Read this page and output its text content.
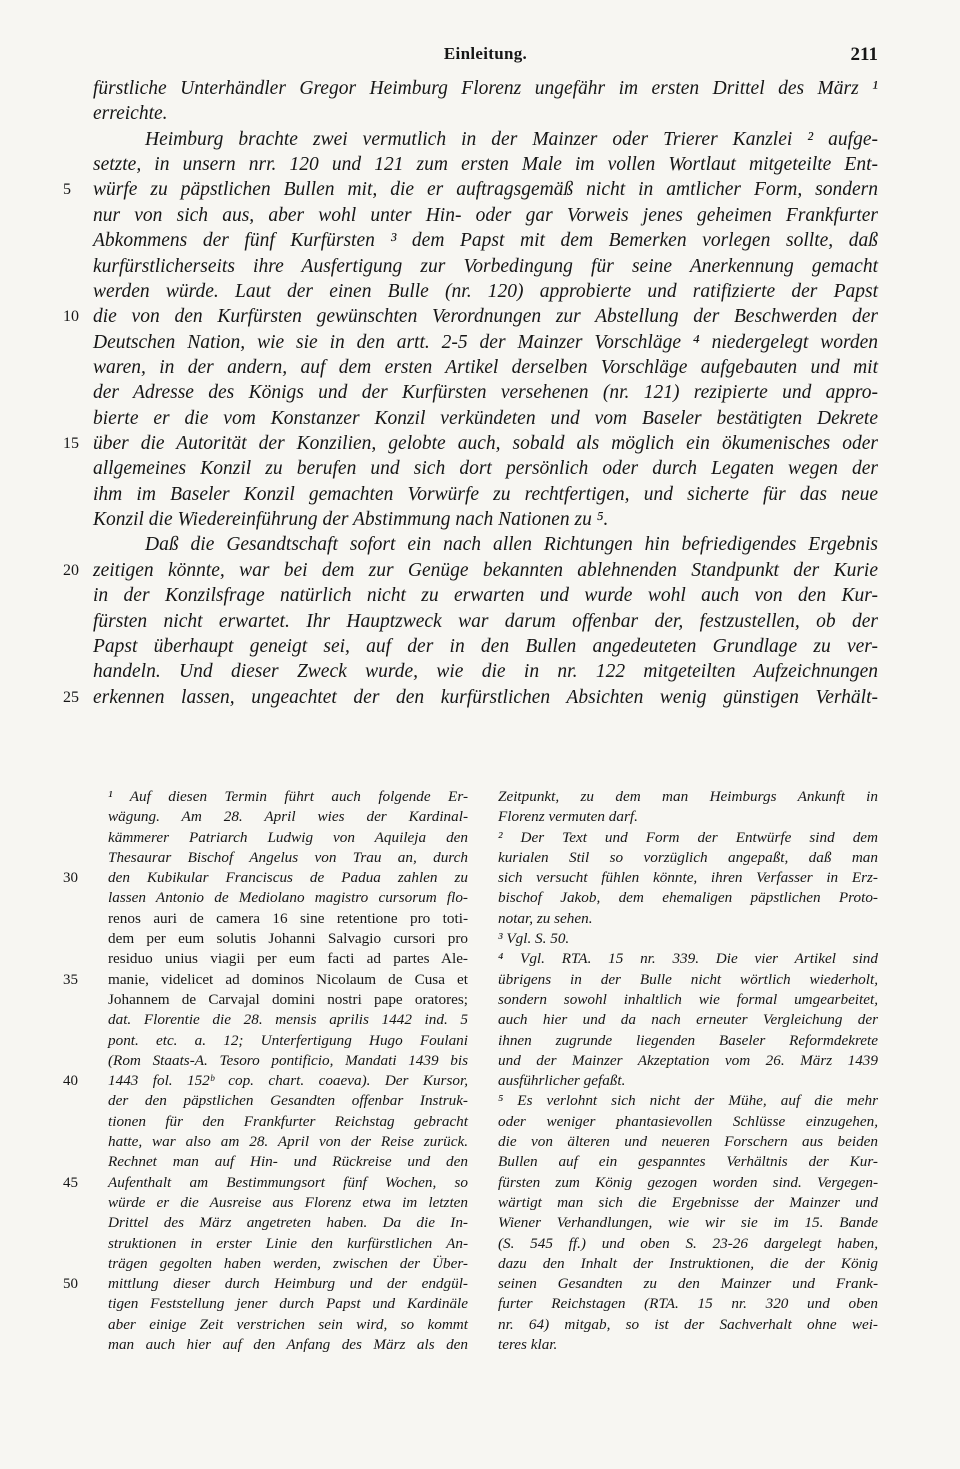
Einleitung.	211
fürstliche Unterhändler Gregor Heimburg Florenz ungefähr im ersten Drittel des März ¹
erreichte.
Heimburg brachte zwei vermutlich in der Mainzer oder Trierer Kanzlei ² aufge-
setzte, in unsern nrr. 120 und 121 zum ersten Male im vollen Wortlaut mitgeteilte Ent-
5	würfe zu päpstlichen Bullen mit, die er auftragsgemäß nicht in amtlicher Form, sondern
nur von sich aus, aber wohl unter Hin- oder gar Vorweis jenes geheimen Frankfurter
Abkommens der fünf Kurfürsten ³ dem Papst mit dem Bemerken vorlegen sollte, daß
kurfürstlicherseits ihre Ausfertigung zur Vorbedingung für seine Anerkennung gemacht
werden würde. Laut der einen Bulle (nr. 120) approbierte und ratifizierte der Papst
10 die von den Kurfürsten gewünschten Verordnungen zur Abstellung der Beschwerden der
Deutschen Nation, wie sie in den artt. 2-5 der Mainzer Vorschläge ⁴ niedergelegt worden
waren, in der andern, auf dem ersten Artikel derselben Vorschläge aufgebauten und mit
der Adresse des Königs und der Kurfürsten versehenen (nr. 121) rezipierte und appro-
bierte er die vom Konstanzer Konzil verkündeten und vom Baseler bestätigten Dekrete
15 über die Autorität der Konzilien, gelobte auch, sobald als möglich ein ökumenisches oder
allgemeines Konzil zu berufen und sich dort persönlich oder durch Legaten wegen der
ihm im Baseler Konzil gemachten Vorwürfe zu rechtfertigen, und sicherte für das neue
Konzil die Wiedereinführung der Abstimmung nach Nationen zu ⁵.
Daß die Gesandtschaft sofort ein nach allen Richtungen hin befriedigendes Ergebnis
20 zeitigen könnte, war bei dem zur Genüge bekannten ablehnenden Standpunkt der Kurie
in der Konzilsfrage natürlich nicht zu erwarten und wurde wohl auch von den Kur-
fürsten nicht erwartet. Ihr Hauptzweck war darum offenbar der, festzustellen, ob der
Papst überhaupt geneigt sei, auf der in den Bullen angedeuteten Grundlage zu ver-
handeln. Und dieser Zweck wurde, wie die in nr. 122 mitgeteilten Aufzeichnungen
25 erkennen lassen, ungeachtet der den kurfürstlichen Absichten wenig günstigen Verhält-
¹ Auf diesen Termin führt auch folgende Er-
wägung. Am 28. April wies der Kardinal-
kämmerer Patriarch Ludwig von Aquileja den
Thesaurar Bischof Angelus von Trau an, durch
30	den Kubikular Franciscus de Padua zahlen zu
lassen Antonio de Mediolano magistro cursorum flo-
renos auri de camera 16 sine retentione pro toti-
dem per eum solutis Johanni Salvagio cursori pro
residuo unius viagii per eum facti ad partes Ale-
35	manie, videlicet ad dominos Nicolaum de Cusa et
Johannem de Carvajal domini nostri pape oratores;
dat. Florentie die 28. mensis aprilis 1442 ind. 5
pont. etc. a. 12; Unterfertigung Hugo Foulani
(Rom Staats-A. Tesoro pontificio, Mandati 1439 bis
40	1443 fol. 152ᵇ cop. chart. coaeva). Der Kursor,
der den päpstlichen Gesandten offenbar Instruk-
tionen für den Frankfurter Reichstag gebracht
hatte, war also am 28. April von der Reise zurück.
Rechnet man auf Hin- und Rückreise und den
45	Aufenthalt am Bestimmungsort fünf Wochen, so
würde er die Ausreise aus Florenz etwa im letzten
Drittel des März angetreten haben. Da die In-
struktionen in erster Linie den kurfürstlichen An-
trägen gegolten haben werden, zwischen der Über-
50	mittlung dieser durch Heimburg und der endgül-
tigen Feststellung jener durch Papst und Kardinäle
aber einige Zeit verstrichen sein wird, so kommt
man auch hier auf den Anfang des März als den
Zeitpunkt, zu dem man Heimburgs Ankunft in
Florenz vermuten darf.
² Der Text und Form der Entwürfe sind dem
kurialen Stil so vorzüglich angepaßt, daß man
sich versucht fühlen könnte, ihren Verfasser in Erz-
bischof Jakob, dem ehemaligen päpstlichen Proto-
notar, zu sehen.
³ Vgl. S. 50.
⁴ Vgl. RTA. 15 nr. 339. Die vier Artikel sind
übrigens in der Bulle nicht wörtlich wiederholt,
sondern sowohl inhaltlich wie formal umgearbeitet,
auch hier und da nach erneuter Vergleichung der
ihnen zugrunde liegenden Baseler Reformdekrete
und der Mainzer Akzeptation vom 26. März 1439
ausführlicher gefaßt.
⁵ Es verlohnt sich nicht der Mühe, auf die mehr
oder weniger phantasievollen Schlüsse einzugehen,
die von älteren und neueren Forschern aus beiden
Bullen auf ein gespanntes Verhältnis der Kur-
fürsten zum König gezogen worden sind. Vergegen-
wärtigt man sich die Ergebnisse der Mainzer und
Wiener Verhandlungen, wie wir sie im 15. Bande
(S. 545 ff.) und oben S. 23-26 dargelegt haben,
dazu den Inhalt der Instruktionen, die der König
seinen Gesandten zu den Mainzer und Frank-
furter Reichstagen (RTA. 15 nr. 320 und oben
nr. 64) mitgab, so ist der Sachverhalt ohne wei-
teres klar.
